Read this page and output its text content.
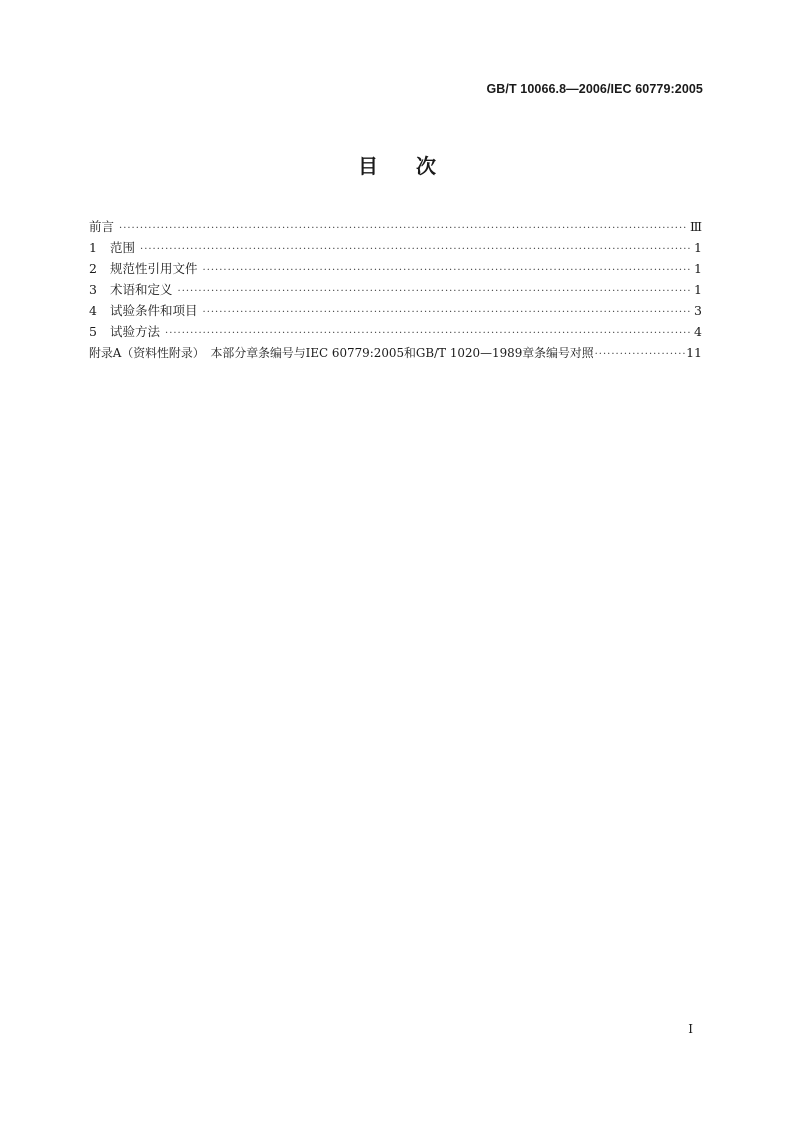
GB/T 10066.8—2006/IEC 60779:2005
目次
前言 ·····	Ⅲ
1 范围 ·····	1
2 规范性引用文件 ·····	1
3 术语和定义 ·····	1
4 试验条件和项目 ·····	3
5 试验方法 ·····	4
附录A（资料性附录）　本部分章条编号与IEC 60779:2005和GB/T 1020—1989章条编号对照 ·····	11
I
